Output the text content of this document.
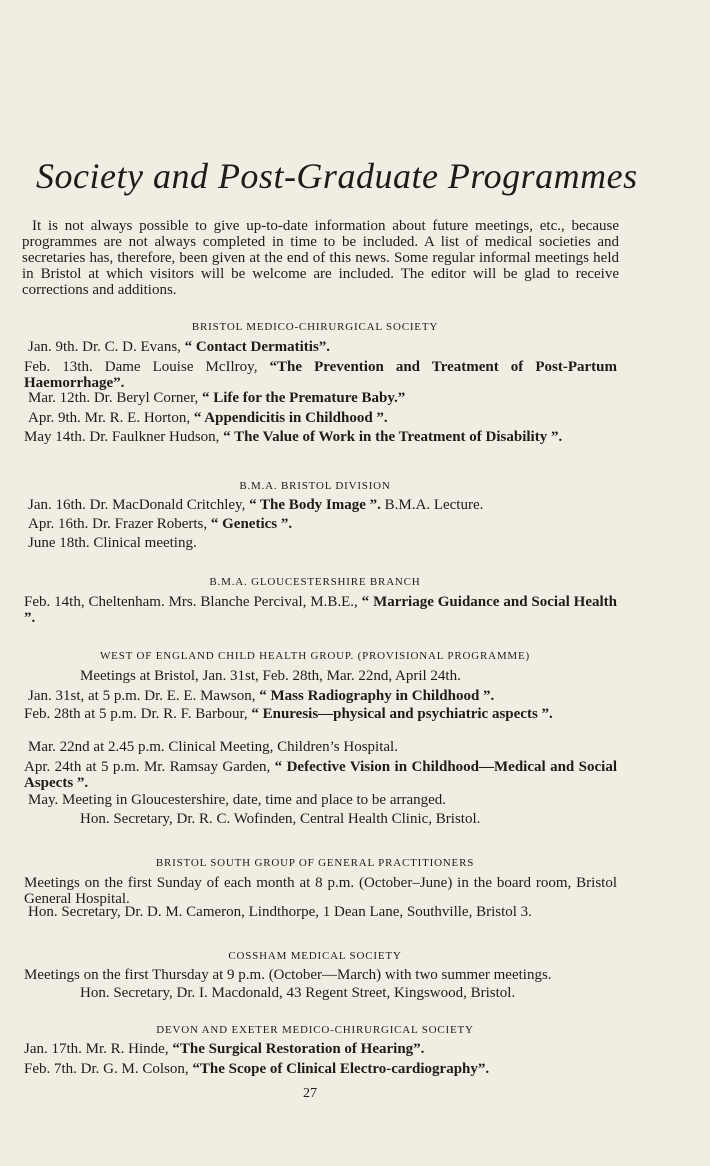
Society and Post-Graduate Programmes
It is not always possible to give up-to-date information about future meetings, etc., because programmes are not always completed in time to be included. A list of medical societies and secretaries has, therefore, been given at the end of this news. Some regular informal meetings held in Bristol at which visitors will be welcome are included. The editor will be glad to receive corrections and additions.
BRISTOL MEDICO-CHIRURGICAL SOCIETY
Jan. 9th. Dr. C. D. Evans, “ Contact Dermatitis”.
Feb. 13th. Dame Louise McIlroy, “The Prevention and Treatment of Post-Partum Haemorrhage”.
Mar. 12th. Dr. Beryl Corner, “ Life for the Premature Baby.”
Apr. 9th. Mr. R. E. Horton, “ Appendicitis in Childhood ”.
May 14th. Dr. Faulkner Hudson, “ The Value of Work in the Treatment of Disability ”.
B.M.A. BRISTOL DIVISION
Jan. 16th. Dr. MacDonald Critchley, “ The Body Image ”. B.M.A. Lecture.
Apr. 16th. Dr. Frazer Roberts, “ Genetics ”.
June 18th. Clinical meeting.
B.M.A. GLOUCESTERSHIRE BRANCH
Feb. 14th, Cheltenham. Mrs. Blanche Percival, M.B.E., “ Marriage Guidance and Social Health ”.
WEST OF ENGLAND CHILD HEALTH GROUP. (PROVISIONAL PROGRAMME)
Meetings at Bristol, Jan. 31st, Feb. 28th, Mar. 22nd, April 24th.
Jan. 31st, at 5 p.m. Dr. E. E. Mawson, “ Mass Radiography in Childhood ”.
Feb. 28th at 5 p.m. Dr. R. F. Barbour, “ Enuresis—physical and psychiatric aspects ”.
Mar. 22nd at 2.45 p.m. Clinical Meeting, Children’s Hospital.
Apr. 24th at 5 p.m. Mr. Ramsay Garden, “ Defective Vision in Childhood—Medical and Social Aspects ”.
May. Meeting in Gloucestershire, date, time and place to be arranged.
Hon. Secretary, Dr. R. C. Wofinden, Central Health Clinic, Bristol.
BRISTOL SOUTH GROUP OF GENERAL PRACTITIONERS
Meetings on the first Sunday of each month at 8 p.m. (October–June) in the board room, Bristol General Hospital.
Hon. Secretary, Dr. D. M. Cameron, Lindthorpe, 1 Dean Lane, Southville, Bristol 3.
COSSHAM MEDICAL SOCIETY
Meetings on the first Thursday at 9 p.m. (October—March) with two summer meetings.
Hon. Secretary, Dr. I. Macdonald, 43 Regent Street, Kingswood, Bristol.
DEVON AND EXETER MEDICO-CHIRURGICAL SOCIETY
Jan. 17th. Mr. R. Hinde, “The Surgical Restoration of Hearing”.
Feb. 7th. Dr. G. M. Colson, “The Scope of Clinical Electro-cardiography”.
27
